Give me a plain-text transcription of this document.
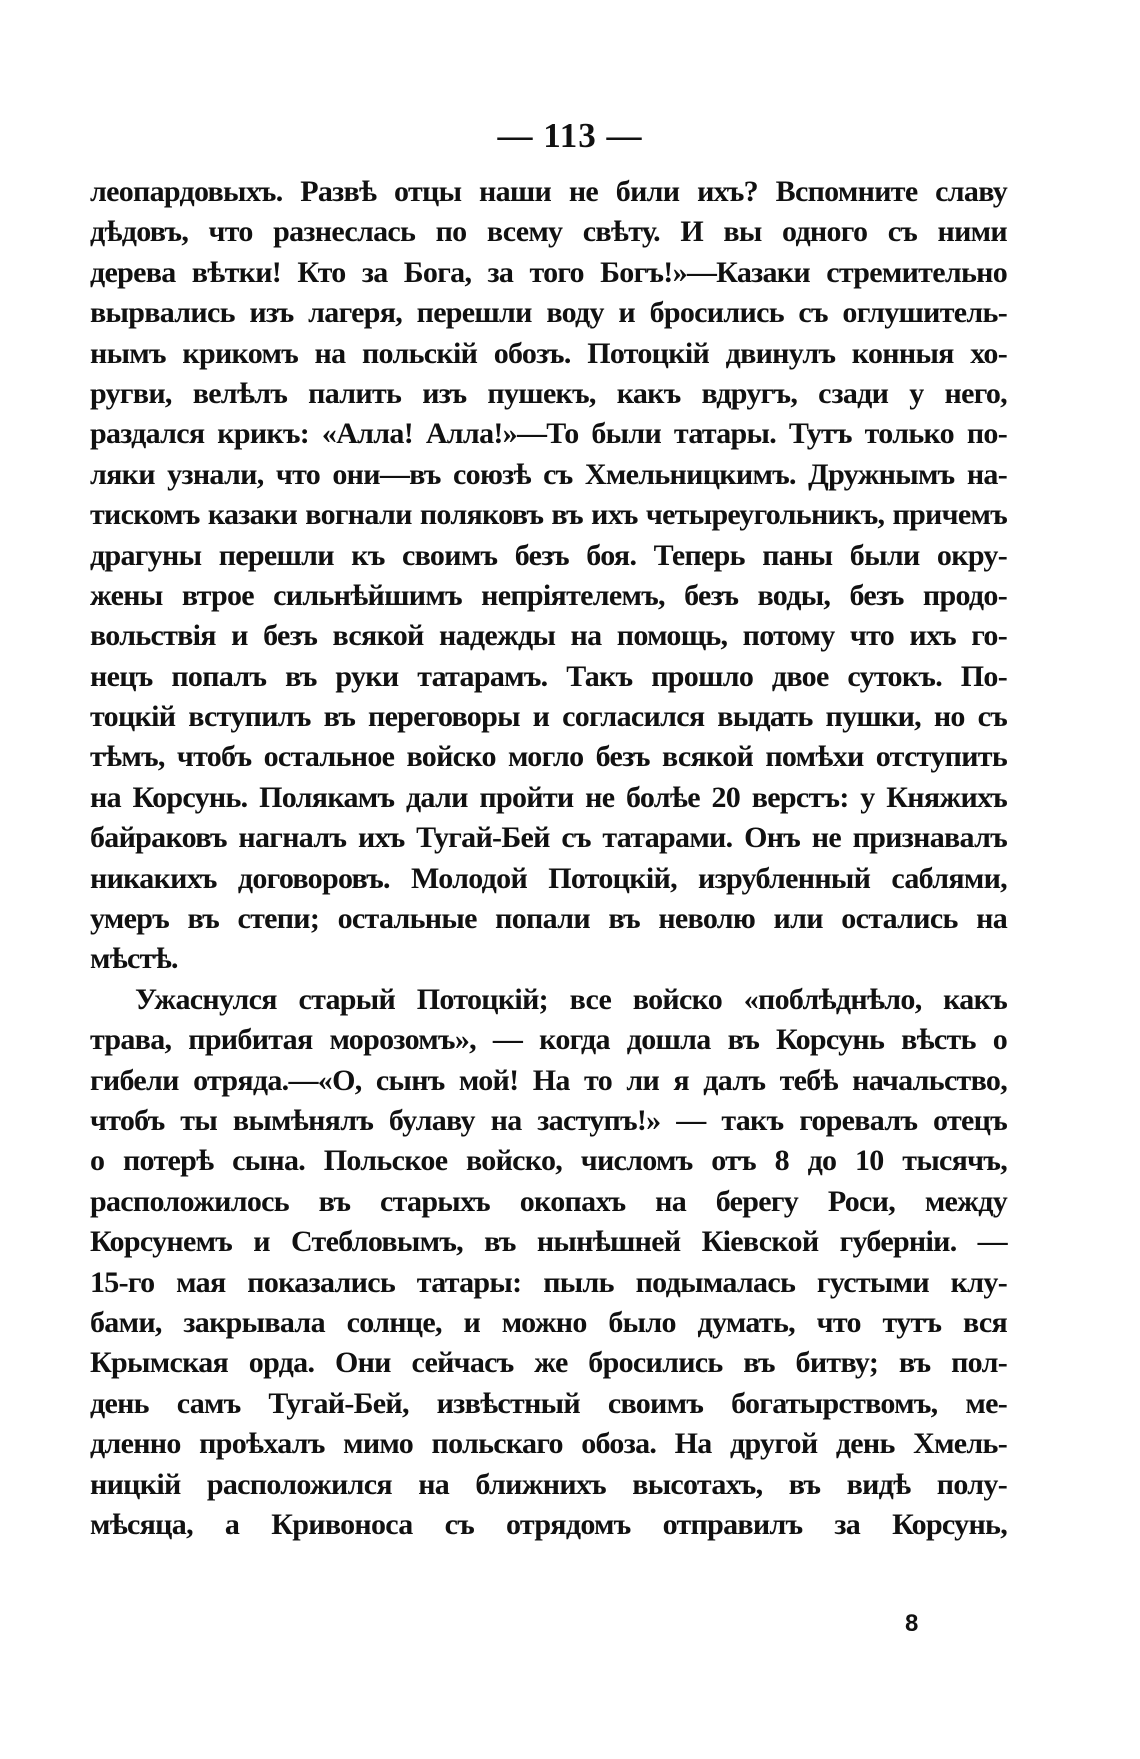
— 113 —
леопардовыхъ. Развѣ отцы наши не били ихъ? Вспомните славу
дѣдовъ, что разнеслась по всему свѣту. И вы одного съ ними
дерева вѣтки! Кто за Бога, за того Богъ!»—Казаки стремительно
вырвались изъ лагеря, перешли воду и бросились съ оглушитель-
нымъ крикомъ на польскій обозъ. Потоцкій двинулъ конныя хо-
ругви, велѣлъ палить изъ пушекъ, какъ вдругъ, сзади у него,
раздался крикъ: «Алла! Алла!»—То были татары. Тутъ только по-
ляки узнали, что они—въ союзѣ съ Хмельницкимъ. Дружнымъ на-
тискомъ казаки вогнали поляковъ въ ихъ четыреугольникъ, причемъ
драгуны перешли къ своимъ безъ боя. Теперь паны были окру-
жены втрое сильнѣйшимъ непріятелемъ, безъ воды, безъ продо-
вольствія и безъ всякой надежды на помощь, потому что ихъ го-
нецъ попалъ въ руки татарамъ. Такъ прошло двое сутокъ. По-
тоцкій вступилъ въ переговоры и согласился выдать пушки, но съ
тѣмъ, чтобъ остальное войско могло безъ всякой помѣхи отступить
на Корсунь. Полякамъ дали пройти не болѣе 20 верстъ: у Княжихъ
байраковъ нагналъ ихъ Тугай-Бей съ татарами. Онъ не признавалъ
никакихъ договоровъ. Молодой Потоцкій, изрубленный саблями,
умеръ въ степи; остальные попали въ неволю или остались на
мѣстѣ.
Ужаснулся старый Потоцкій; все войско «поблѣднѣло, какъ
трава, прибитая морозомъ», — когда дошла въ Корсунь вѣсть о
гибели отряда.—«О, сынъ мой! На то ли я далъ тебѣ начальство,
чтобъ ты вымѣнялъ булаву на заступъ!» — такъ горевалъ отецъ
о потерѣ сына. Польское войско, числомъ отъ 8 до 10 тысячъ,
расположилось въ старыхъ окопахъ на берегу Роси, между
Корсунемъ и Стебловымъ, въ нынѣшней Кіевской губерніи. —
15-го мая показались татары: пыль подымалась густыми клу-
бами, закрывала солнце, и можно было думать, что тутъ вся
Крымская орда. Они сейчасъ же бросились въ битву; въ пол-
день самъ Тугай-Бей, извѣстный своимъ богатырствомъ, ме-
дленно проѣхалъ мимо польскаго обоза. На другой день Хмель-
ницкій расположился на ближнихъ высотахъ, въ видѣ полу-
мѣсяца, а Кривоноса съ отрядомъ отправилъ за Корсунь,
8
